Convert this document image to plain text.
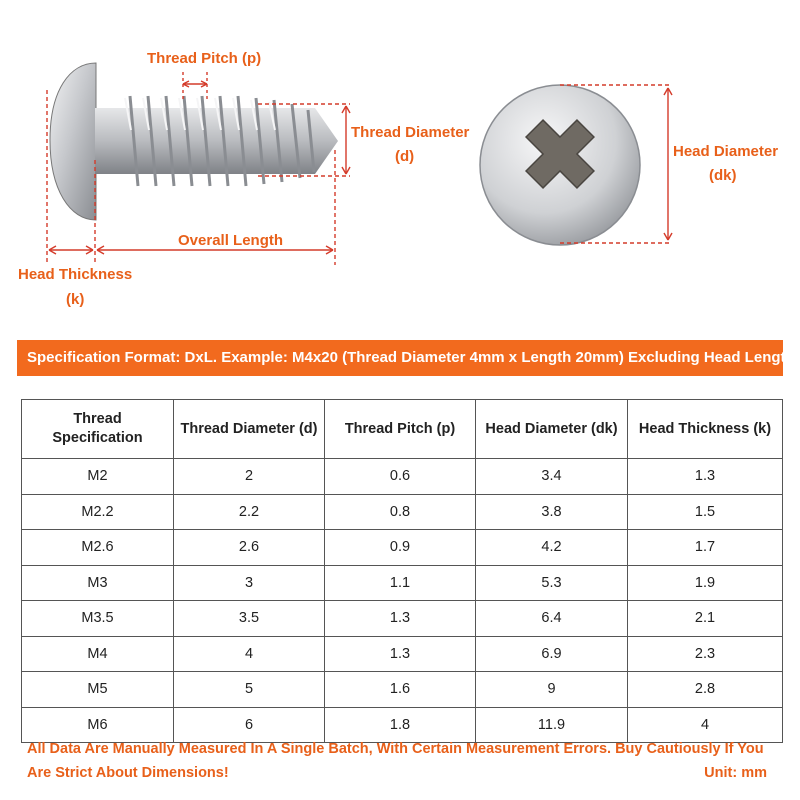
Thread Pitch (p)
Thread Diameter
(d)	Head Diameter
(dk)
Overall Length
Head Thickness
(k)
Specification Format: DxL. Example: M4x20 (Thread Diameter 4mm x Length 20mm) Excluding Head Length
Thread
Specification	Thread Diameter (d)	Thread Pitch (p)	Head Diameter (dk)	Head Thickness (k)
M2	2	0.6	3.4	1.3
M2.2	2.2	0.8	3.8	1.5
M2.6	2.6	0.9	4.2	1.7
M3	3	1.1	5.3	1.9
M3.5	3.5	1.3	6.4	2.1
M4	4	1.3	6.9	2.3
M5	5	1.6	9	2.8
M6	6	1.8	11.9	4
All Data Are Manually Measured In A Single Batch, With Certain Measurement Errors. Buy Cautiously If You Are Strict About Dimensions!	Unit: mm
